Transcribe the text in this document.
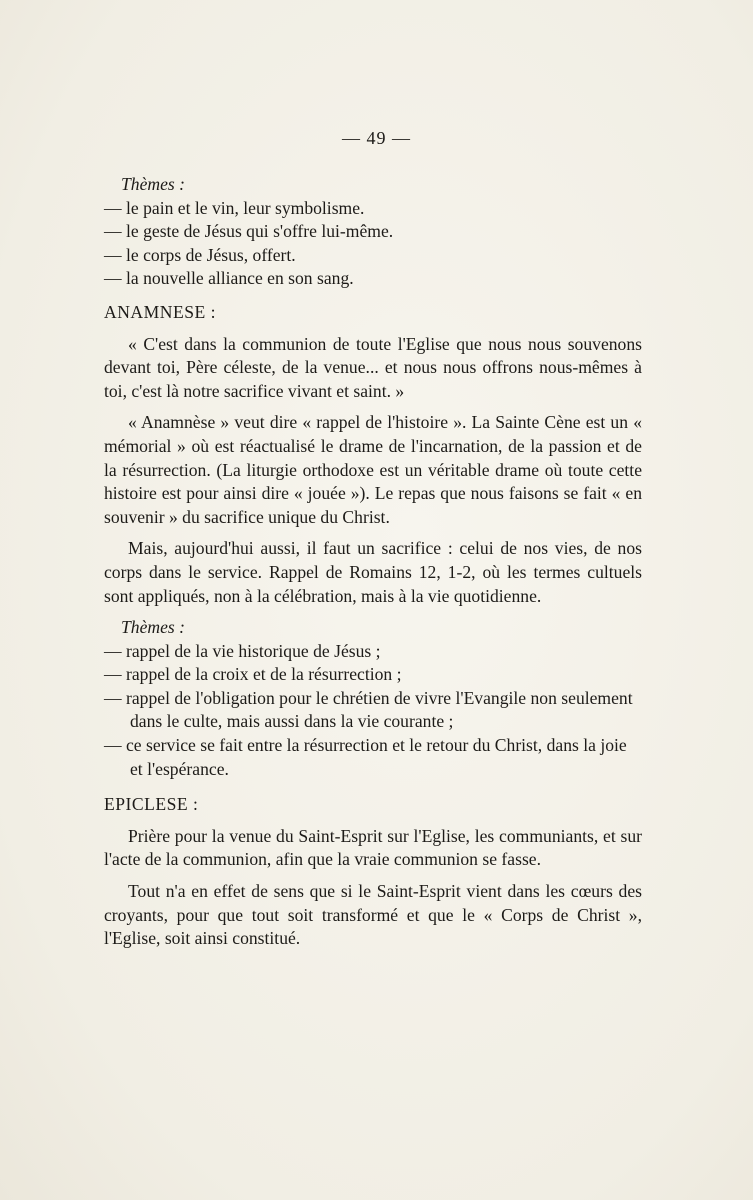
— 49 —
Thèmes :
— le pain et le vin, leur symbolisme.
— le geste de Jésus qui s'offre lui-même.
— le corps de Jésus, offert.
— la nouvelle alliance en son sang.
ANAMNESE :

« C'est dans la communion de toute l'Eglise que nous nous souvenons devant toi, Père céleste, de la venue... et nous nous offrons nous-mêmes à toi, c'est là notre sacrifice vivant et saint. »

« Anamnèse » veut dire « rappel de l'histoire ». La Sainte Cène est un « mémorial » où est réactualisé le drame de l'incarnation, de la passion et de la résurrection. (La liturgie orthodoxe est un véritable drame où toute cette histoire est pour ainsi dire « jouée »). Le repas que nous faisons se fait « en souvenir » du sacrifice unique du Christ.

Mais, aujourd'hui aussi, il faut un sacrifice : celui de nos vies, de nos corps dans le service. Rappel de Romains 12, 1-2, où les termes cultuels sont appliqués, non à la célébration, mais à la vie quotidienne.

Thèmes :
— rappel de la vie historique de Jésus ;
— rappel de la croix et de la résurrection ;
— rappel de l'obligation pour le chrétien de vivre l'Evangile non seulement dans le culte, mais aussi dans la vie courante ;
— ce service se fait entre la résurrection et le retour du Christ, dans la joie et l'espérance.
EPICLESE :

Prière pour la venue du Saint-Esprit sur l'Eglise, les communiants, et sur l'acte de la communion, afin que la vraie communion se fasse.

Tout n'a en effet de sens que si le Saint-Esprit vient dans les cœurs des croyants, pour que tout soit transformé et que le « Corps de Christ », l'Eglise, soit ainsi constitué.
